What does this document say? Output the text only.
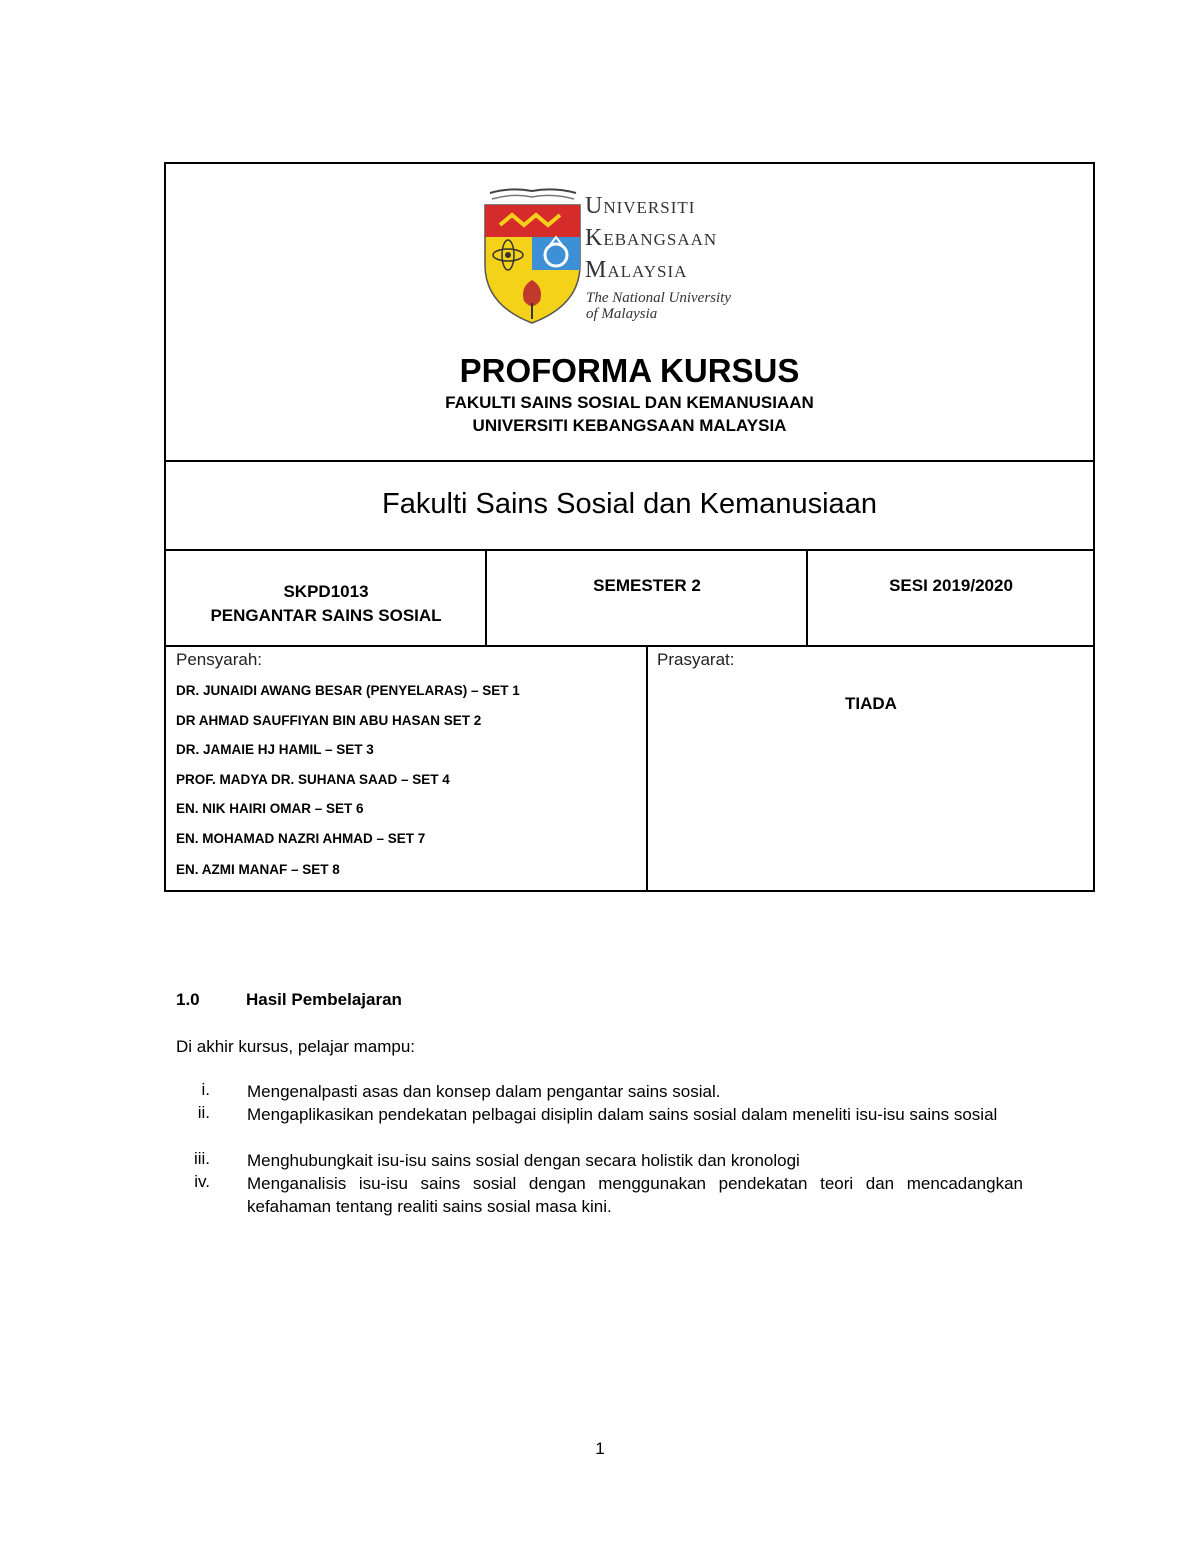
Universiti
Kebangsaan
Malaysia
The National University
of Malaysia
PROFORMA KURSUS
FAKULTI SAINS SOSIAL DAN KEMANUSIAAN
UNIVERSITI KEBANGSAAN MALAYSIA
Fakulti Sains Sosial dan Kemanusiaan
SKPD1013
PENGANTAR SAINS SOSIAL
SEMESTER 2	SESI 2019/2020
Pensyarah:
DR. JUNAIDI AWANG BESAR (PENYELARAS) – SET 1
DR AHMAD SAUFFIYAN BIN ABU HASAN SET 2
DR. JAMAIE HJ HAMIL – SET 3
PROF. MADYA DR. SUHANA SAAD – SET 4
EN. NIK HAIRI OMAR – SET 6
EN. MOHAMAD NAZRI AHMAD – SET 7
EN. AZMI MANAF – SET 8
Prasyarat:
TIADA
1.0	Hasil Pembelajaran
Di akhir kursus, pelajar mampu:
i. Mengenalpasti asas dan konsep dalam pengantar sains sosial.
ii. Mengaplikasikan pendekatan pelbagai disiplin dalam sains sosial dalam meneliti isu-isu sains sosial
iii. Menghubungkait isu-isu sains sosial dengan secara holistik dan kronologi
iv. Menganalisis isu-isu sains sosial dengan menggunakan pendekatan teori dan mencadangkan kefahaman tentang realiti sains sosial masa kini.
1
